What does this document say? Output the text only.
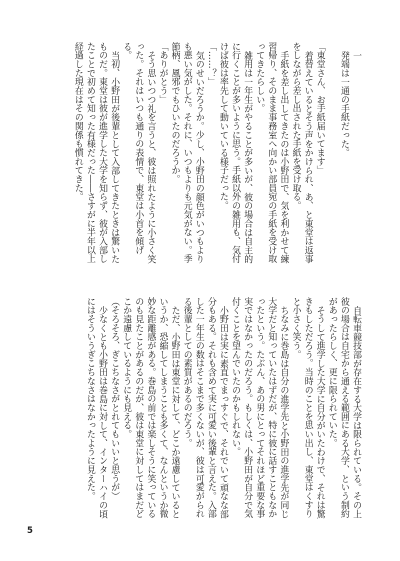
一

発端は一通の手紙だった。

「東堂さん、お手紙届いてます」

着替えているとそう声をかけられ、あ、と東堂は返事をしながら差し出された手紙を受け取る。

手紙を差し出してきたのは小野田で、気を利かせて練習帰り、そのまま事務室へ向かい部員宛の手紙を受け取ってきたらしい。

雑用は一年生がやることが多いが、彼の場合は自主的に行くことが多いように思う。手紙以外の雑用も、気付けば彼は率先して動いている様子だった。

「……？」

気のせいだろうか。少し、小野田の顔色がいつもよりも悪い気がした。それに、いつもよりも元気がない。季節柄、風邪でもひいたのだろうか。

「ありがとう」

そう思いつつ礼を言うと、彼は照れたように小さく笑った。それはいつも通りの表情で、東堂は小首を傾げる。

当初、小野田が後輩として入部してきたときは驚いたものだ。東堂は彼が進学した大学を知らず、彼が入部したことで初めて知った有様だった――さすがに半年以上経過した現在はその関係も慣れてきた。

自転車競技部が存在する大学は限られている。その上彼の場合は自宅から通える範囲にある大学、という制約があったらしく、更に限られていた。

そうして進学した大学に自分がいたわけで、それは驚きもしただろう。当時のことを思い出し、東堂はくすりと小さく笑う。

ちなみに巻島は自分の進学先と小野田の進学先が同じ大学だと知っていたはずだが、特に彼に話すこともなかったという。たぶん、あの男にとってそれほど重要な事実ではなかったのだろう。もしくは、小野田が自分で気付くことを望んでいたのかもしれない。

小野田は実に素直でまっすぐで、それでいて頑なな部分もある。それも含めて実に可愛い後輩と言えた。入部した一年生の数はそこまで多くないが、彼は可愛がられる後輩としての素質があるのだろう。

ただ、小野田は東堂に対して、どこか遠慮しているというか、恐縮してしまうことも多くて、なんというか微妙な距離感がある。巻島の前では楽しそうに笑っているのも見たことがあるのだが、彼は東堂に対してはまだどこか遠慮しているようにも見える。

（そろそろ、ぎこちなさがとれてもいいと思うが）

少なくとも小野田は巻島に対して、インターハイの頃にはそういうぎこちなさはなかったように見えた。

5
